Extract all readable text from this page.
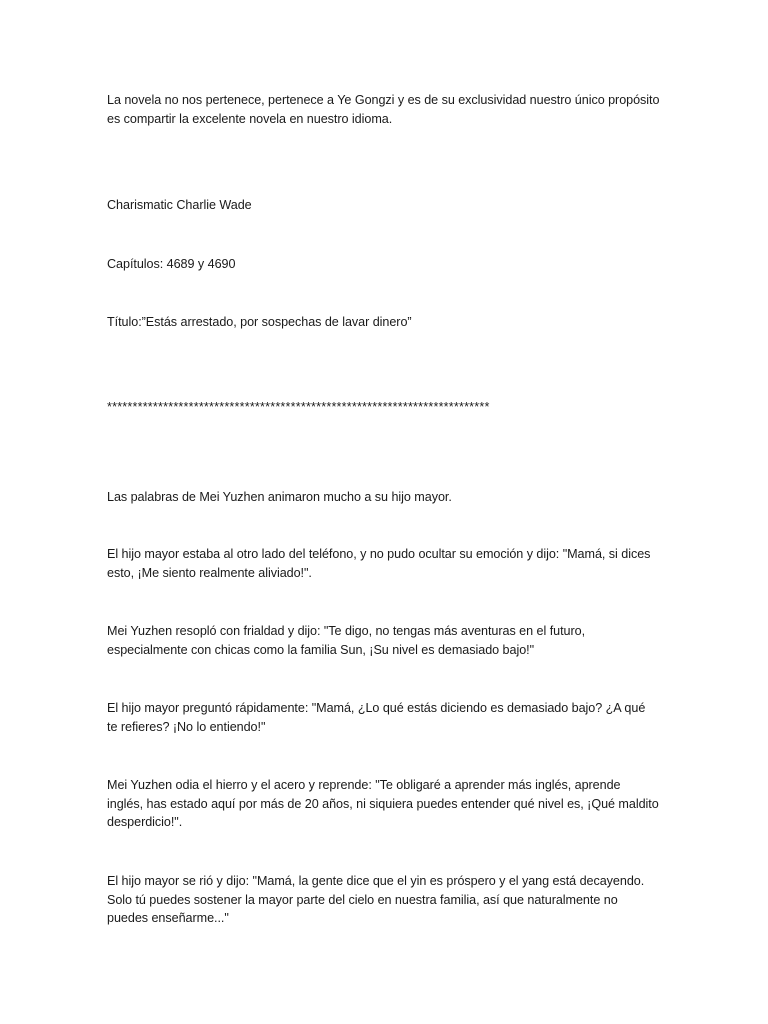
La novela no nos pertenece, pertenece a Ye Gongzi y es de su exclusividad nuestro único propósito
es compartir la excelente novela en nuestro idioma.

Charismatic Charlie Wade

Capítulos: 4689 y 4690

Título:”Estás arrestado, por sospechas de lavar dinero”

***************************************************************************

Las palabras de Mei Yuzhen animaron mucho a su hijo mayor.

El hijo mayor estaba al otro lado del teléfono, y no pudo ocultar su emoción y dijo: "Mamá, si dices
esto, ¡Me siento realmente aliviado!".

Mei Yuzhen resopló con frialdad y dijo: "Te digo, no tengas más aventuras en el futuro,
especialmente con chicas como la familia Sun, ¡Su nivel es demasiado bajo!"

El hijo mayor preguntó rápidamente: "Mamá, ¿Lo qué estás diciendo es demasiado bajo? ¿A qué
te refieres? ¡No lo entiendo!"

Mei Yuzhen odia el hierro y el acero y reprende: "Te obligaré a aprender más inglés, aprende
inglés, has estado aquí por más de 20 años, ni siquiera puedes entender qué nivel es, ¡Qué maldito
desperdicio!".

El hijo mayor se rió y dijo: "Mamá, la gente dice que el yin es próspero y el yang está decayendo.
Solo tú puedes sostener la mayor parte del cielo en nuestra familia, así que naturalmente no
puedes enseñarme..."
